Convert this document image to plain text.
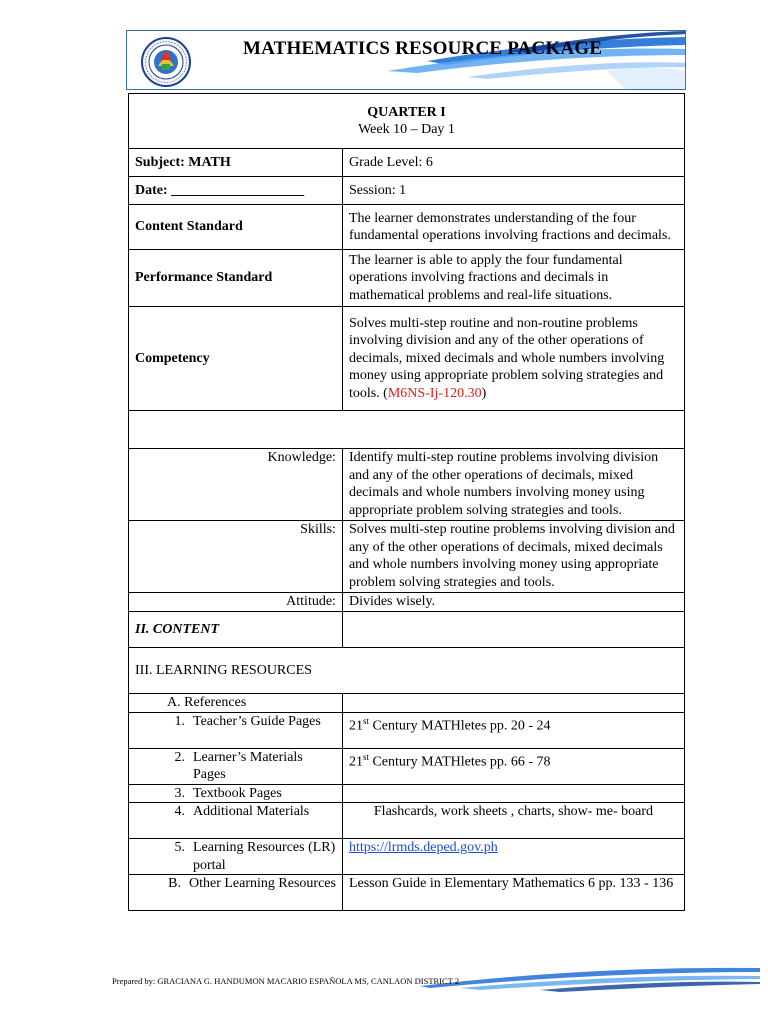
MATHEMATICS RESOURCE PACKAGE
QUARTER I
Week 10 – Day 1	

Subject: MATH	Grade Level: 6
Date: ___________________	Session: 1
Content Standard	The learner demonstrates understanding of the four fundamental operations involving fractions and decimals.
Performance Standard	The learner is able to apply the four fundamental operations involving fractions and decimals in mathematical problems and real-life situations.
Competency	Solves multi-step routine and non-routine problems involving division and any of the other operations of decimals, mixed decimals and whole numbers involving money using appropriate problem solving strategies and tools. (M6NS-Ij-120.30)

Knowledge:	Identify multi-step routine problems involving division and any of the other operations of decimals, mixed decimals and whole numbers involving money using appropriate problem solving strategies and tools.
Skills:	Solves multi-step routine problems involving division and any of the other operations of decimals, mixed decimals and whole numbers involving money using appropriate problem solving strategies and tools.
Attitude:	Divides wisely.
II. CONTENT	
III. LEARNING RESOURCES	
A. References	

1. Teacher’s Guide Pages	21st Century MATHletes pp. 20 - 24

2. Learner’s Materials Pages	21st Century MATHletes pp. 66 - 78

3. Textbook Pages	

4. Additional Materials	Flashcards, work sheets , charts, show- me- board

5. Learning Resources (LR) portal	https://lrmds.deped.gov.ph

B. Other Learning Resources	Lesson Guide in Elementary Mathematics 6 pp. 133 - 136
Prepared by: GRACIANA G. HANDUMON MACARIO ESPAÑOLA MS, CANLAON DISTRICT 2
